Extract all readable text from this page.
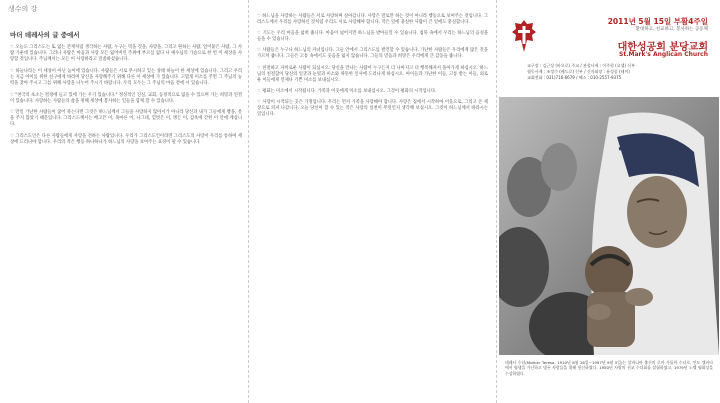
생수의 강
마더 데레사의 글 중에서

♡ 오늘도 그리스도는 또 없는 존재처럼 생각하는 사람, 누구는 먹을 것을, 사랑을, 그리고 원하는 사람, 얼어붙은 사람, 그 사람 가운데 있습니다. 그러나 사람은 마음과 사랑 모든 잃어버린 주위에 부르심 없다 나 예수님의 가슴으로 한 번 이 세상을 사랑할 것입니다. 주님께서는 모든 이 사랑하라고 말씀하셨습니다.

♡ 하늘나라는 이 세상이 아닌 높이에 있습니다. 사람들은 서로 무시하고 있는 상태 하늘이 한 세상에 있습니다. 그리고 우리는 지금 아이를 위한 친구에게 바라며 당신을 사랑해주기 위해 다른 이 세상에 가 있습니다. 고맙게 미소를 주면 그 주님의 능력을 찾아 주시고 그를 위해 사랑을 나누어 주시기 바랍니다. 우리 모두는 그 주님의 마음 곁에 서 있습니다.

♡ "천국의 초소는 결정에 들고 있에 가는 우기 있습니다." 정성적인 진실, 교회, 동정적으로 없을 수 있으며 가는 희망과 연결이 있습니다. 사랑하는 사람들의 삶을 위해 세상에 봉사하는 일들을 함께 할 수 있습니다.

♡ 만일 가난한 사람들이 굶어 죽는다면 그것은 하느님께서 그들을 사랑하지 않아서가 아니라 당신과 내가 그들에게 빵을, 옷을 주지 않았기 때문입니다. 그리스도께서는 배고픈 이, 목마른 이, 나그네, 헐벗은 이, 병든 이, 감옥에 갇힌 이 안에 계십니다.

♡ 그리스도인은 다른 사람들에게 사랑을 전하는 사람입니다. 우리가 그리스도인이라면 그리스도의 사랑이 우리를 통하여 세상에 드러나야 합니다. 우리의 작은 행동 하나하나가 하느님의 사랑을 보여주는 표징이 될 수 있습니다.

♡ 하느님을 사랑하는 사람들은 서로 사랑하며 살아갑니다. 사랑은 말로만 하는 것이 아니라 행동으로 보여주는 것입니다. 그리스도께서 우리를 사랑하신 것처럼 우리도 서로 사랑해야 합니다. 작은 일에 충실한 사람이 큰 일에도 충실합니다.

♡ 기도는 우리 마음을 넓혀 줍니다. 마음이 넓어지면 하느님을 받아들일 수 있습니다. 침묵 속에서 우리는 하느님의 음성을 들을 수 있습니다.

♡ 사람들은 누구나 하느님의 자녀입니다. 그들 안에서 그리스도를 발견할 수 있습니다. 가난한 사람들은 우리에게 많은 것을 가르쳐 줍니다. 그들은 고통 속에서도 웃음을 잃지 않습니다. 그들의 믿음과 희망은 우리에게 큰 감동을 줍니다.

♡ 친절하고 자비로운 사람이 되십시오. 당신을 만나는 사람이 누구든지 더 나아지고 더 행복해져서 돌아가게 하십시오. 하느님의 친절함이 당신의 얼굴과 눈빛과 미소와 따뜻한 인사에 드러나게 하십시오. 아이들과 가난한 이들, 고통 받는 이들, 외로운 이들에게 언제나 기쁜 미소를 보내십시오.

♡ 평화는 미소에서 시작됩니다. 가족과 이웃에게 미소를 보내십시오. 그것이 평화의 시작입니다.

♡ 사랑이 시작되는 곳은 가정입니다. 우리는 먼저 가족을 사랑해야 합니다. 사랑은 집에서 시작하여 이웃으로, 그리고 온 세상으로 퍼져 나갑니다. 오늘 당신이 할 수 있는 작은 사랑의 실천이 무엇인지 생각해 보십시오. 그것이 하느님께서 바라시는 일입니다.

2011년 5월 15일 부활4주일
환대하고, 친교하고, 봉사하는 공동체
대한성공회 분당교회
St.Mark's Anglican Church
교구장 : 김근상 (바오로) 주교 / 관할사제 : 이주형 (요셉) 신부
협동사제 : 조정수 (베드로) 신부 / 신자회장 : 유성종 (테이)
교회전화 : 031)716-6679 / 팩스 : 010-2557-9375
테레사 수녀(Mother Teresa, 1910년 8월 26일~1997년 9월 5일)는 알바니아 출신의 로마 가톨릭 수녀로, 인도 캘커타에서 평생을 가난하고 병든 사람들을 위해 헌신하였다. 1950년 사랑의 선교 수녀회를 설립하였고, 1979년 노벨 평화상을 수상하였다.
